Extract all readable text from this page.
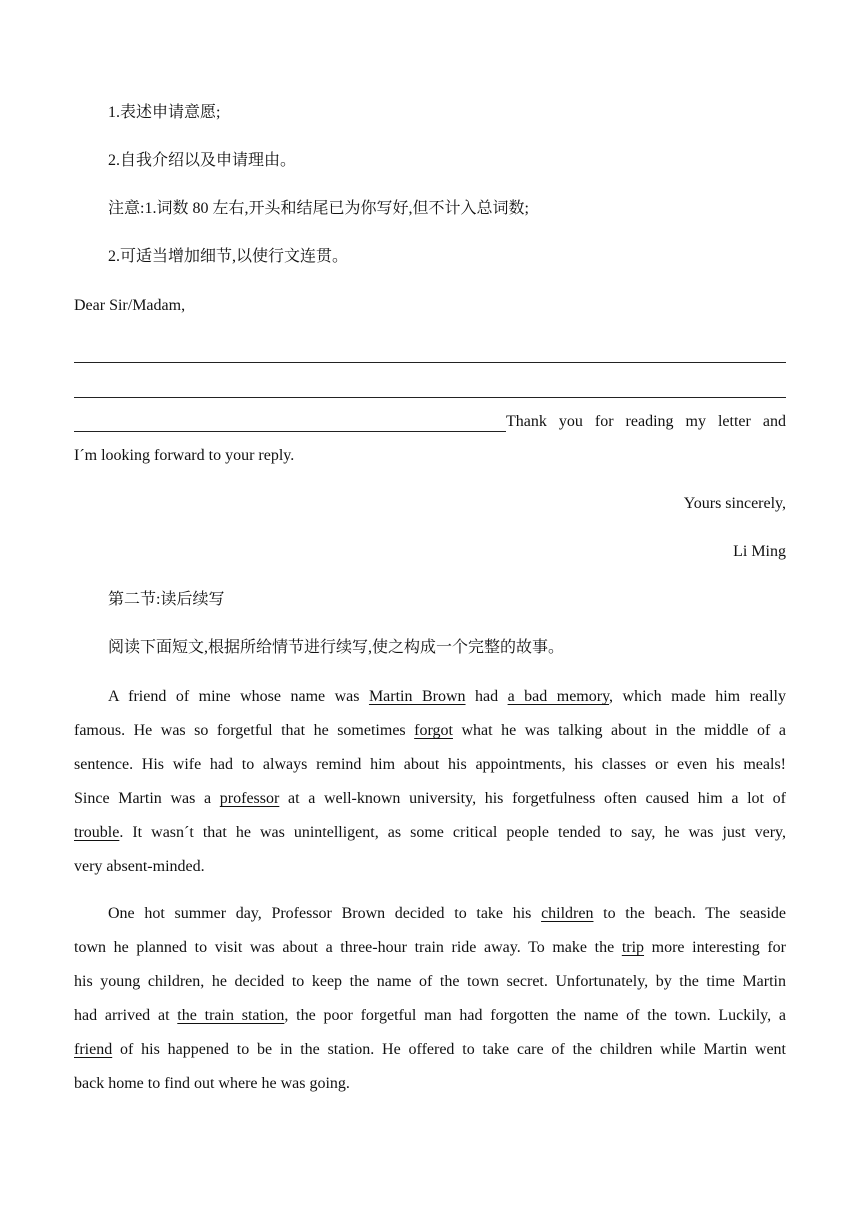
1.表述申请意愿;
2.自我介绍以及申请理由。
注意:1.词数 80 左右,开头和结尾已为你写好,但不计入总词数;
2.可适当增加细节,以使行文连贯。
Dear Sir/Madam,
Thank you for reading my letter and
I´m looking forward to your reply.
Yours sincerely,
Li Ming
第二节:读后续写
阅读下面短文,根据所给情节进行续写,使之构成一个完整的故事。
A friend of mine whose name was Martin Brown had a bad memory, which made him really
famous. He was so forgetful that he sometimes forgot what he was talking about in the middle of a
sentence. His wife had to always remind him about his appointments, his classes or even his meals!
Since Martin was a professor at a well-known university, his forgetfulness often caused him a lot of
trouble. It wasn´t that he was unintelligent, as some critical people tended to say, he was just very,
very absent-minded.
One hot summer day, Professor Brown decided to take his children to the beach. The seaside
town he planned to visit was about a three-hour train ride away. To make the trip more interesting for
his young children, he decided to keep the name of the town secret. Unfortunately, by the time Martin
had arrived at the train station, the poor forgetful man had forgotten the name of the town. Luckily, a
friend of his happened to be in the station. He offered to take care of the children while Martin went
back home to find out where he was going.
